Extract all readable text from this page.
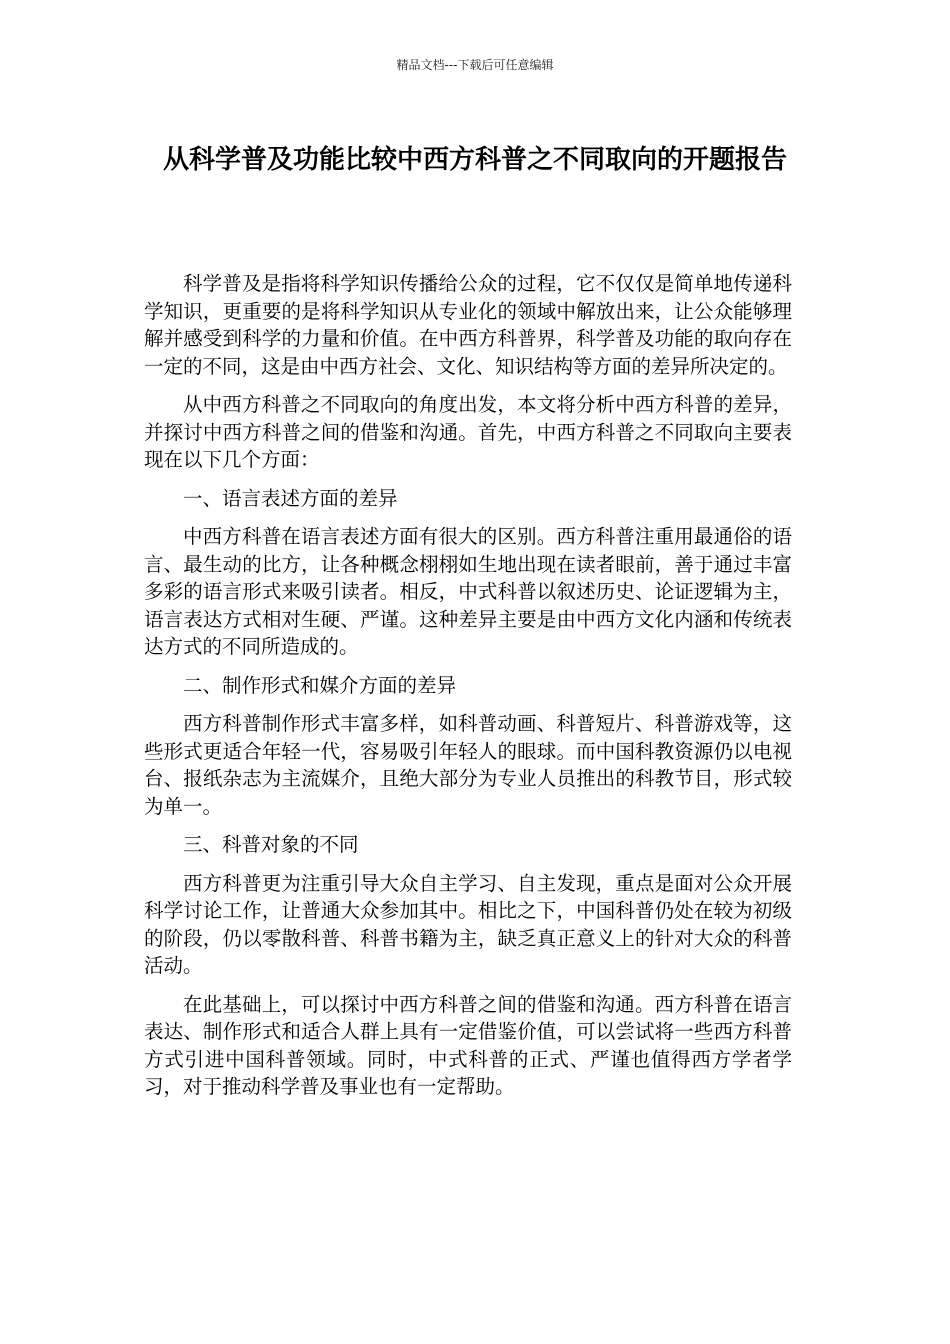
精品文档---下载后可任意编辑
从科学普及功能比较中西方科普之不同取向的开题报告

科学普及是指将科学知识传播给公众的过程，它不仅仅是简单地传递科学知识，更重要的是将科学知识从专业化的领域中解放出来，让公众能够理解并感受到科学的力量和价值。在中西方科普界，科学普及功能的取向存在一定的不同，这是由中西方社会、文化、知识结构等方面的差异所决定的。

从中西方科普之不同取向的角度出发，本文将分析中西方科普的差异，并探讨中西方科普之间的借鉴和沟通。首先，中西方科普之不同取向主要表现在以下几个方面：

一、语言表述方面的差异

中西方科普在语言表述方面有很大的区别。西方科普注重用最通俗的语言、最生动的比方，让各种概念栩栩如生地出现在读者眼前，善于通过丰富多彩的语言形式来吸引读者。相反，中式科普以叙述历史、论证逻辑为主，语言表达方式相对生硬、严谨。这种差异主要是由中西方文化内涵和传统表达方式的不同所造成的。

二、制作形式和媒介方面的差异

西方科普制作形式丰富多样，如科普动画、科普短片、科普游戏等，这些形式更适合年轻一代，容易吸引年轻人的眼球。而中国科教资源仍以电视台、报纸杂志为主流媒介，且绝大部分为专业人员推出的科教节目，形式较为单一。

三、科普对象的不同

西方科普更为注重引导大众自主学习、自主发现，重点是面对公众开展科学讨论工作，让普通大众参加其中。相比之下，中国科普仍处在较为初级的阶段，仍以零散科普、科普书籍为主，缺乏真正意义上的针对大众的科普活动。

在此基础上，可以探讨中西方科普之间的借鉴和沟通。西方科普在语言表达、制作形式和适合人群上具有一定借鉴价值，可以尝试将一些西方科普方式引进中国科普领域。同时，中式科普的正式、严谨也值得西方学者学习，对于推动科学普及事业也有一定帮助。
